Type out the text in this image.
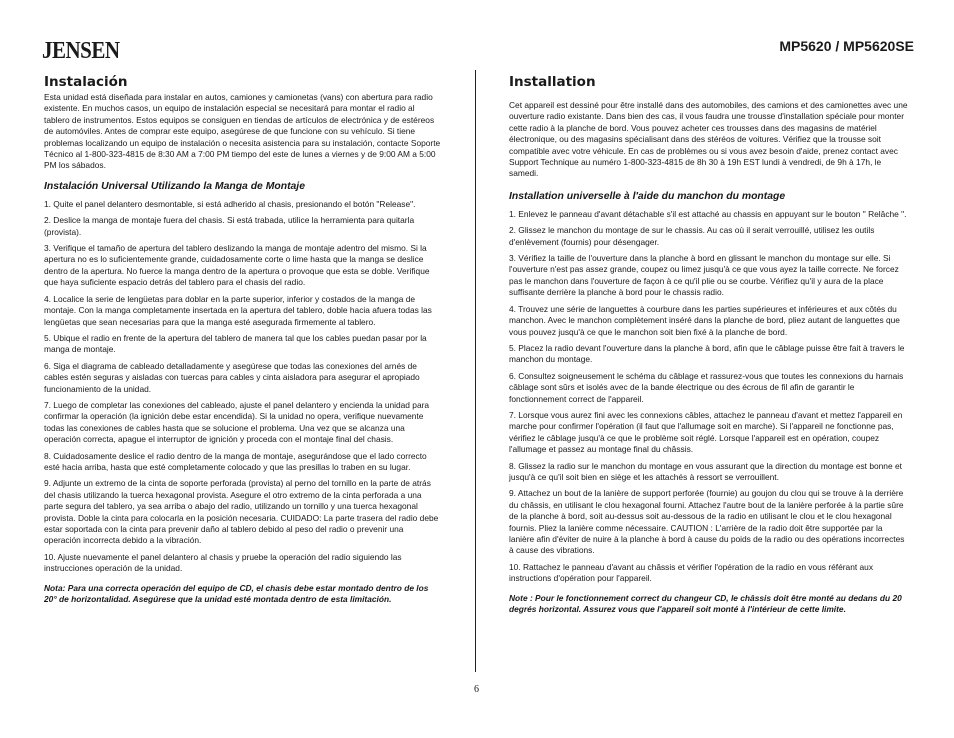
JENSEN	MP5620 / MP5620SE
Instalación

Esta unidad está diseñada para instalar en autos, camiones y camionetas (vans) con abertura para radio existente. En muchos casos, un equipo de instalación especial se necesitará para montar el radio al tablero de instrumentos. Estos equipos se consiguen en tiendas de artículos de electrónica y de estéreos de automóviles. Antes de comprar este equipo, asegúrese de que funcione con su vehículo. Si tiene problemas localizando un equipo de instalación o necesita asistencia para su instalación, contacte Soporte Técnico al 1-800-323-4815 de 8:30 AM a 7:00 PM tiempo del este de lunes a viernes y de 9:00 AM a 5:00 PM los sábados.

Instalación Universal Utilizando la Manga de Montaje

1. Quite el panel delantero desmontable, si está adherido al chasis, presionando el botón "Release".

2. Deslice la manga de montaje fuera del chasis. Si está trabada, utilice la herramienta para quitarla (provista).

3. Verifique el tamaño de apertura del tablero deslizando la manga de montaje adentro del mismo. Si la apertura no es lo suficientemente grande, cuidadosamente corte o lime hasta que la manga se deslice dentro de la apertura. No fuerce la manga dentro de la apertura o provoque que esta se doble. Verifique que haya suficiente espacio detrás del tablero para el chasis del radio.

4. Localice la serie de lengüetas para doblar en la parte superior, inferior y costados de la manga de montaje. Con la manga completamente insertada en la apertura del tablero, doble hacia afuera todas las lengüetas que sean necesarias para que la manga esté asegurada firmemente al tablero.

5. Ubique el radio en frente de la apertura del tablero de manera tal que los cables puedan pasar por la manga de montaje.

6. Siga el diagrama de cableado detalladamente y asegúrese que todas las conexiones del arnés de cables estén seguras y aisladas con tuercas para cables y cinta aisladora para asegurar el apropiado funcionamiento de la unidad.

7. Luego de completar las conexiones del cableado, ajuste el panel delantero y encienda la unidad para confirmar la operación (la ignición debe estar encendida). Si la unidad no opera, verifique nuevamente todas las conexiones de cables hasta que se solucione el problema. Una vez que se alcanza una operación correcta, apague el interruptor de ignición y proceda con el montaje final del chasis.

8. Cuidadosamente deslice el radio dentro de la manga de montaje, asegurándose que el lado correcto esté hacia arriba, hasta que esté completamente colocado y que las presillas lo traben en su lugar.

9. Adjunte un extremo de la cinta de soporte perforada (provista) al perno del tornillo en la parte de atrás del chasis utilizando la tuerca hexagonal provista. Asegure el otro extremo de la cinta perforada a una parte segura del tablero, ya sea arriba o abajo del radio, utilizando un tornillo y una tuerca hexagonal provista. Doble la cinta para colocarla en la posición necesaria. CUIDADO: La parte trasera del radio debe estar soportada con la cinta para prevenir daño al tablero debido al peso del radio o prevenir una operación incorrecta debido a la vibración.

10. Ajuste nuevamente el panel delantero al chasis y pruebe la operación del radio siguiendo las instrucciones operación de la unidad.

Nota: Para una correcta operación del equipo de CD, el chasis debe estar montado dentro de los 20° de horizontalidad. Asegúrese que la unidad esté montada dentro de esta limitación.

Installation

Cet appareil est dessiné pour être installé dans des automobiles, des camions et des camionettes avec une ouverture radio existante. Dans bien des cas, il vous faudra une trousse d'installation spéciale pour monter cette radio à la planche de bord. Vous pouvez acheter ces trousses dans des magasins de matériel électronique, ou des magasins spécialisant dans des stéréos de voitures. Vérifiez que la trousse soit compatible avec votre véhicule. En cas de problèmes ou si vous avez besoin d'aide, prenez contact avec Support Technique au numéro 1-800-323-4815 de 8h 30 à 19h EST lundi à vendredi, de 9h à 17h, le samedi.

Installation universelle à l'aide du manchon du montage

1. Enlevez le panneau d'avant détachable s'il est attaché au chassis en appuyant sur le bouton " Relâche ".

2. Glissez le manchon du montage de sur le chassis. Au cas où il serait verrouillé, utilisez les outils d'enlèvement (fournis) pour désengager.

3. Vérifiez la taille de l'ouverture dans la planche à bord en glissant le manchon du montage sur elle. Si l'ouverture n'est pas assez grande, coupez ou limez jusqu'à ce que vous ayez la taille correcte. Ne forcez pas le manchon dans l'ouverture de façon à ce qu'il plie ou se courbe. Vérifiez qu'il y aura de la place suffisante derrière la planche à bord pour le chassis radio.

4. Trouvez une série de languettes à courbure dans les parties supérieures et inférieures et aux côtés du manchon. Avec le manchon complètement inséré dans la planche de bord, pliez autant de languettes que vous pouvez jusqu'à ce que le manchon soit bien fixé à la planche de bord.

5. Placez la radio devant l'ouverture dans la planche à bord, afin que le câblage puisse être fait à travers le manchon du montage.

6. Consultez soigneusement le schéma du câblage et rassurez-vous que toutes les connexions du harnais câblage sont sûrs et isolés avec de la bande électrique ou des écrous de fil afin de garantir le fonctionnement correct de l'appareil.

7. Lorsque vous aurez fini avec les connexions câbles, attachez le panneau d'avant et mettez l'appareil en marche pour confirmer l'opération (il faut que l'allumage soit en marche). Si l'appareil ne fonctionne pas, vérifiez le câblage jusqu'à ce que le problème soit réglé. Lorsque l'appareil est en opération, coupez l'allumage et passez au montage final du châssis.

8. Glissez la radio sur le manchon du montage en vous assurant que la direction du montage est bonne et jusqu'à ce qu'il soit bien en siège et les attachés à ressort se verrouillent.

9. Attachez un bout de la lanière de support perforée (fournie) au goujon du clou qui se trouve à la derrière du châssis, en utilisant le clou hexagonal fourni. Attachez l'autre bout de la lanière perforée à la partie sûre de la planche à bord, soit au-dessus soit au-dessous de la radio en utilisant le clou et le clou hexagonal fournis. Pliez la lanière comme nécessaire. CAUTION : L'arrière de la radio doit être supportée par la lanière afin d'éviter de nuire à la planche à bord à cause du poids de la radio ou des opérations incorrectes à cause des vibrations.

10. Rattachez le panneau d'avant au châssis et vérifier l'opération de la radio en vous référant aux instructions d'opération pour l'appareil.

Note : Pour le fonctionnement correct du changeur CD, le châssis doit être monté au dedans du 20 degrés horizontal. Assurez vous que l'appareil soit monté à l'intérieur de cette limite.

6
